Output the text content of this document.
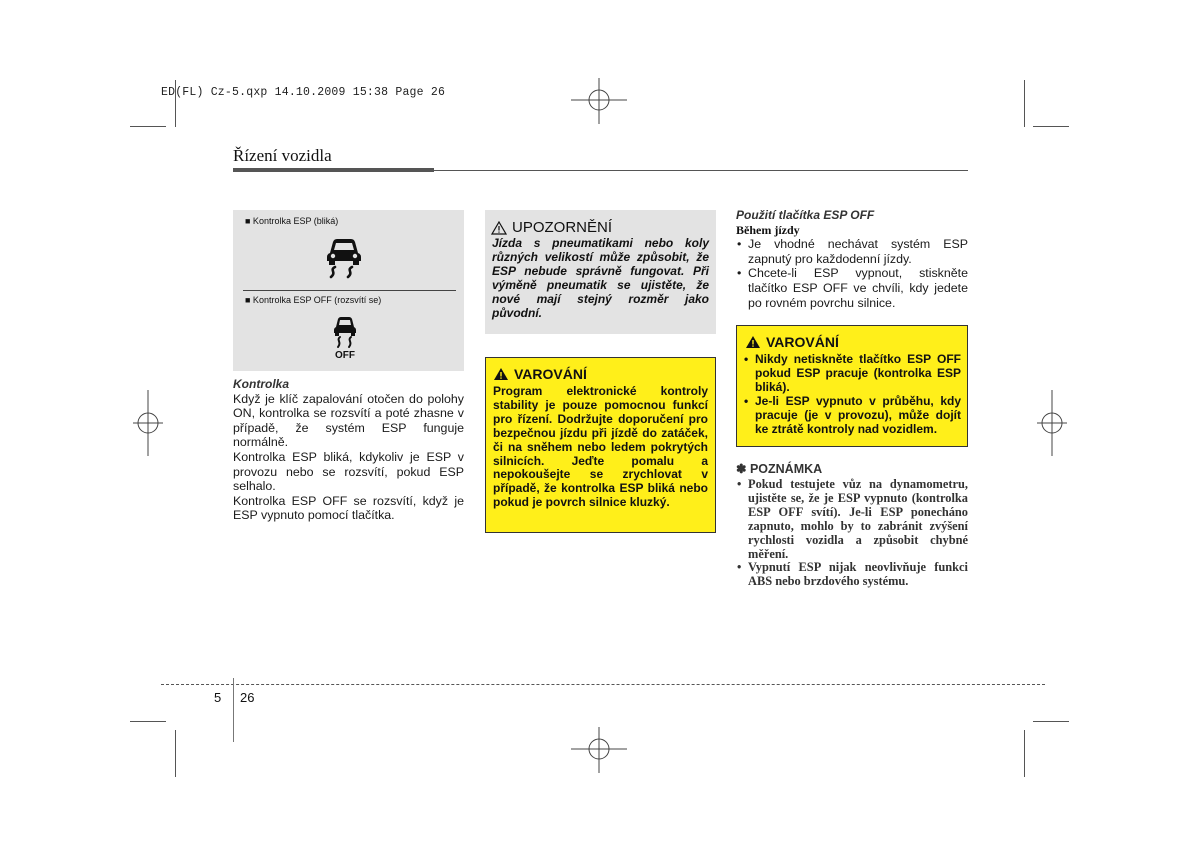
ED(FL) Cz-5.qxp 14.10.2009 15:38 Page 26
Řízení vozidla
■ Kontrolka ESP (bliká)
■ Kontrolka ESP OFF (rozsvítí se)
OFF
Kontrolka

Když je klíč zapalování otočen do polohy ON, kontrolka se rozsvítí a poté zhasne v případě, že systém ESP funguje normálně.

Kontrolka ESP bliká, kdykoliv je ESP v provozu nebo se rozsvítí, pokud ESP selhalo.

Kontrolka ESP OFF se rozsvítí, když je ESP vypnuto pomocí tlačítka.

UPOZORNĚNÍ
Jízda s pneumatikami nebo koly různých velikostí může způsobit, že ESP nebude správně fungovat. Při výměně pneumatik se ujistěte, že nové mají stejný rozměr jako původní.
VAROVÁNÍ
Program elektronické kontroly stability je pouze pomocnou funkcí pro řízení. Dodržujte doporučení pro bezpečnou jízdu při jízdě do zatáček, či na sněhem nebo ledem pokrytých silnicích. Jeďte pomalu a nepokoušejte se zrychlovat v případě, že kontrolka ESP bliká nebo pokud je povrch silnice kluzký.
Použití tlačítka ESP OFF
Během jízdy
• Je vhodné nechávat systém ESP zapnutý pro každodenní jízdy.
• Chcete-li ESP vypnout, stiskněte tlačítko ESP OFF ve chvíli, kdy jedete po rovném povrchu silnice.
VAROVÁNÍ
• Nikdy netiskněte tlačítko ESP OFF pokud ESP pracuje (kontrolka ESP bliká).
• Je-li ESP vypnuto v průběhu, kdy pracuje (je v provozu), může dojít ke ztrátě kontroly nad vozidlem.
✽ POZNÁMKA
• Pokud testujete vůz na dynamometru, ujistěte se, že je ESP vypnuto (kontrolka ESP OFF svítí). Je-li ESP ponecháno zapnuto, mohlo by to zabránit zvýšení rychlosti vozidla a způsobit chybné měření.
• Vypnutí ESP nijak neovlivňuje funkci ABS nebo brzdového systému.
5 26
